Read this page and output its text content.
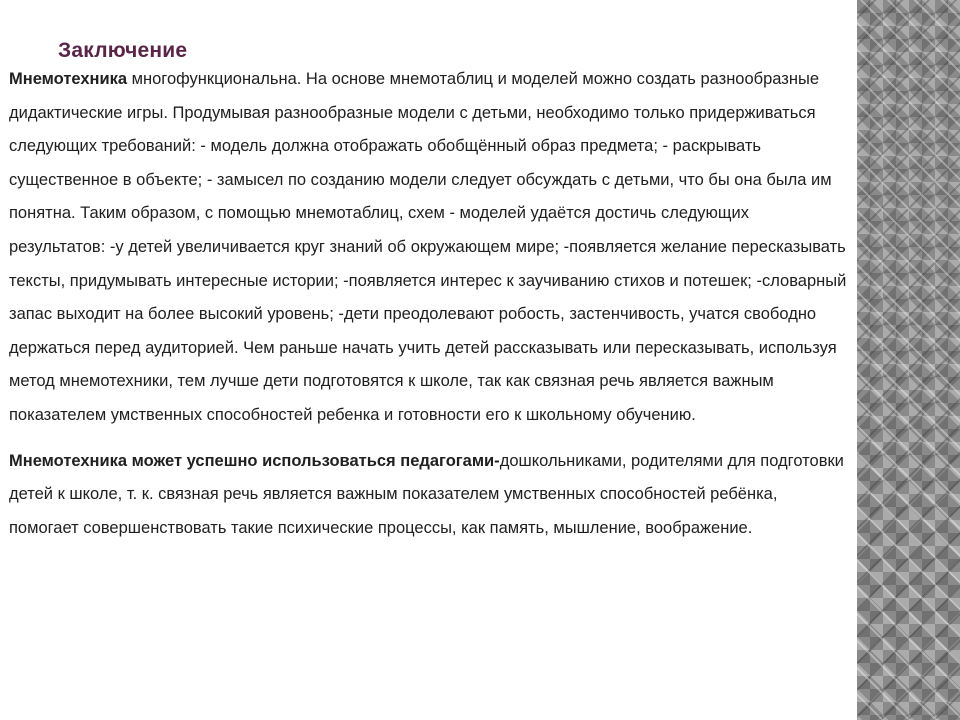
Заключение

Мнемотехника многофункциональна. На основе мнемотаблиц и моделей можно создать разнообразные дидактические игры. Продумывая разнообразные модели с детьми, необходимо только придерживаться следующих требований: - модель должна отображать обобщённый образ предмета; - раскрывать существенное в объекте; - замысел по созданию модели следует обсуждать с детьми, что бы она была им понятна. Таким образом, с помощью мнемотаблиц, схем - моделей удаётся достичь следующих результатов: -у детей увеличивается круг знаний об окружающем мире; -появляется желание пересказывать тексты, придумывать интересные истории; -появляется интерес к заучиванию стихов и потешек; -словарный запас выходит на более высокий уровень; -дети преодолевают робость, застенчивость, учатся свободно держаться перед аудиторией. Чем раньше начать учить детей рассказывать или пересказывать, используя метод мнемотехники, тем лучше дети подготовятся к школе, так как связная речь является важным показателем умственных способностей ребенка и готовности его к школьному обучению.

Мнемотехника может успешно использоваться педагогами-дошкольниками, родителями для подготовки детей к школе, т. к. связная речь является важным показателем умственных способностей ребёнка, помогает совершенствовать такие психические процессы, как память, мышление, воображение.
